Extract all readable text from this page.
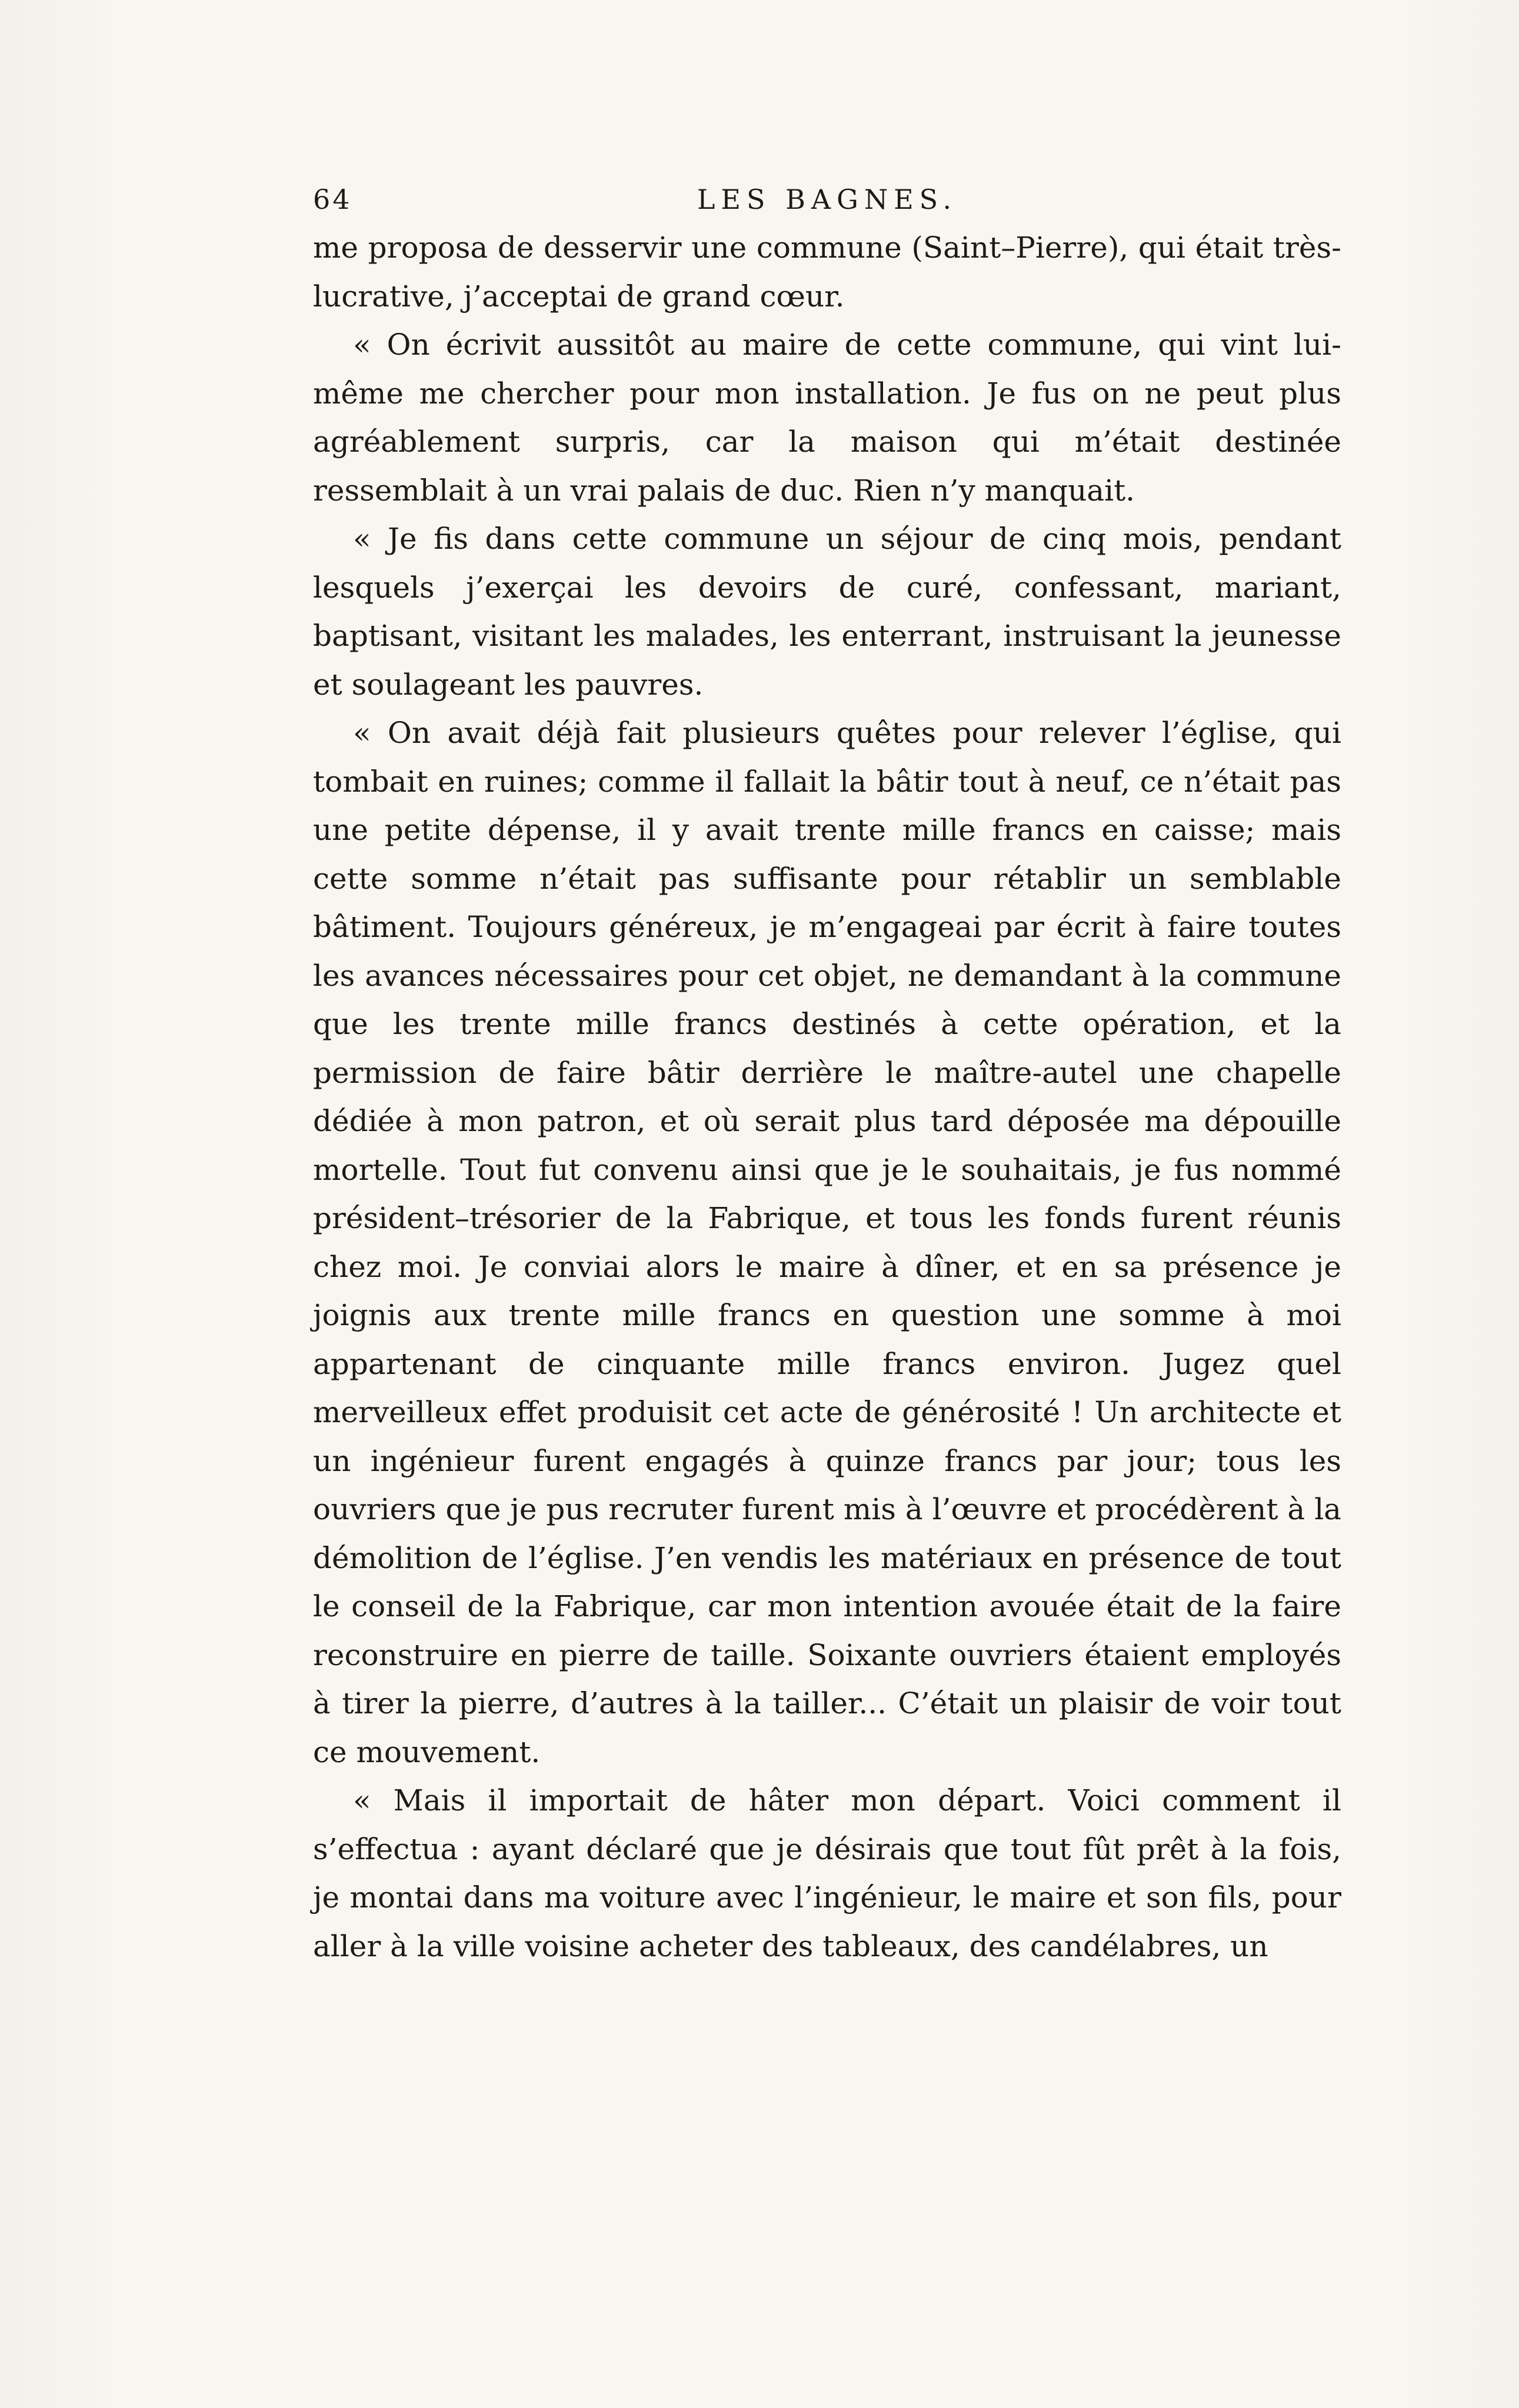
64	LES BAGNES.

me proposa de desservir une commune (Saint–Pierre), qui était très-lucrative, j’acceptai de grand cœur.

« On écrivit aussitôt au maire de cette commune, qui vint lui-même me chercher pour mon installation. Je fus on ne peut plus agréablement surpris, car la maison qui m’était destinée ressemblait à un vrai palais de duc. Rien n’y manquait.

« Je fis dans cette commune un séjour de cinq mois, pendant lesquels j’exerçai les devoirs de curé, confessant, mariant, baptisant, visitant les malades, les enterrant, instruisant la jeunesse et soulageant les pauvres.

« On avait déjà fait plusieurs quêtes pour relever l’église, qui tombait en ruines; comme il fallait la bâtir tout à neuf, ce n’était pas une petite dépense, il y avait trente mille francs en caisse; mais cette somme n’était pas suffisante pour rétablir un semblable bâtiment. Toujours généreux, je m’engageai par écrit à faire toutes les avances nécessaires pour cet objet, ne demandant à la commune que les trente mille francs destinés à cette opération, et la permission de faire bâtir derrière le maître-autel une chapelle dédiée à mon patron, et où serait plus tard déposée ma dépouille mortelle. Tout fut convenu ainsi que je le souhaitais, je fus nommé président–trésorier de la Fabrique, et tous les fonds furent réunis chez moi. Je conviai alors le maire à dîner, et en sa présence je joignis aux trente mille francs en question une somme à moi appartenant de cinquante mille francs environ. Jugez quel merveilleux effet produisit cet acte de générosité ! Un architecte et un ingénieur furent engagés à quinze francs par jour; tous les ouvriers que je pus recruter furent mis à l’œuvre et procédèrent à la démolition de l’église. J’en vendis les matériaux en présence de tout le conseil de la Fabrique, car mon intention avouée était de la faire reconstruire en pierre de taille. Soixante ouvriers étaient employés à tirer la pierre, d’autres à la tailler... C’était un plaisir de voir tout ce mouvement.

« Mais il importait de hâter mon départ. Voici comment il s’effectua : ayant déclaré que je désirais que tout fût prêt à la fois, je montai dans ma voiture avec l’ingénieur, le maire et son fils, pour aller à la ville voisine acheter des tableaux, des candélabres, un
